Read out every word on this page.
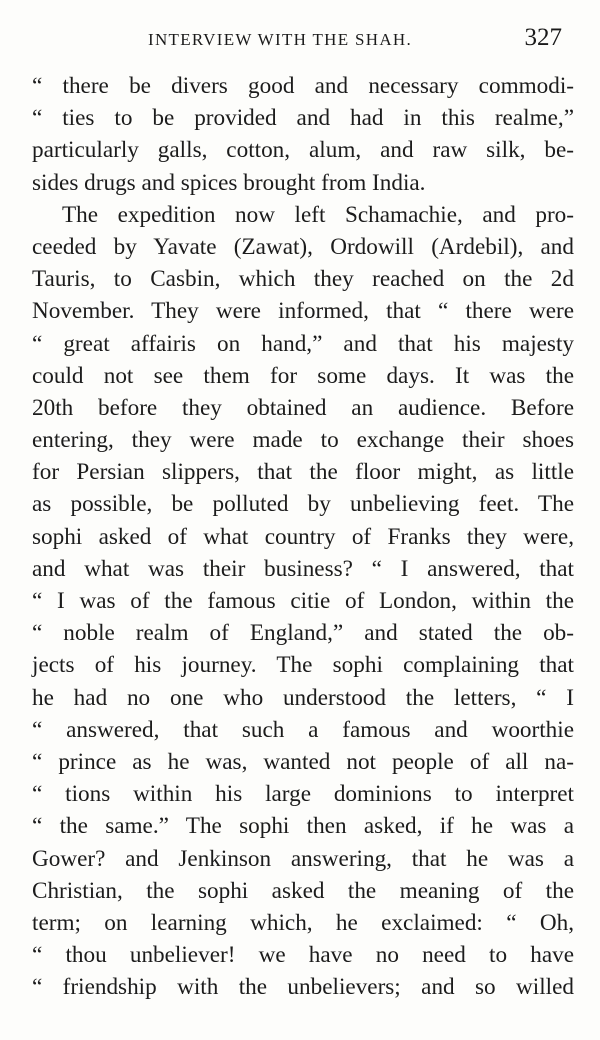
INTERVIEW WITH THE SHAH.	327
“ there be divers good and necessary commodi-
“ ties to be provided and had in this realme,”
particularly galls, cotton, alum, and raw silk, be-
sides drugs and spices brought from India.
The expedition now left Schamachie, and pro-
ceeded by Yavate (Zawat), Ordowill (Ardebil), and
Tauris, to Casbin, which they reached on the 2d
November. They were informed, that “ there were
“ great affairis on hand,” and that his majesty
could not see them for some days. It was the
20th before they obtained an audience. Before
entering, they were made to exchange their shoes
for Persian slippers, that the floor might, as little
as possible, be polluted by unbelieving feet. The
sophi asked of what country of Franks they were,
and what was their business? “ I answered, that
“ I was of the famous citie of London, within the
“ noble realm of England,” and stated the ob-
jects of his journey. The sophi complaining that
he had no one who understood the letters, “ I
“ answered, that such a famous and woorthie
“ prince as he was, wanted not people of all na-
“ tions within his large dominions to interpret
“ the same.” The sophi then asked, if he was a
Gower? and Jenkinson answering, that he was a
Christian, the sophi asked the meaning of the
term; on learning which, he exclaimed: “ Oh,
“ thou unbeliever! we have no need to have
“ friendship with the unbelievers; and so willed
